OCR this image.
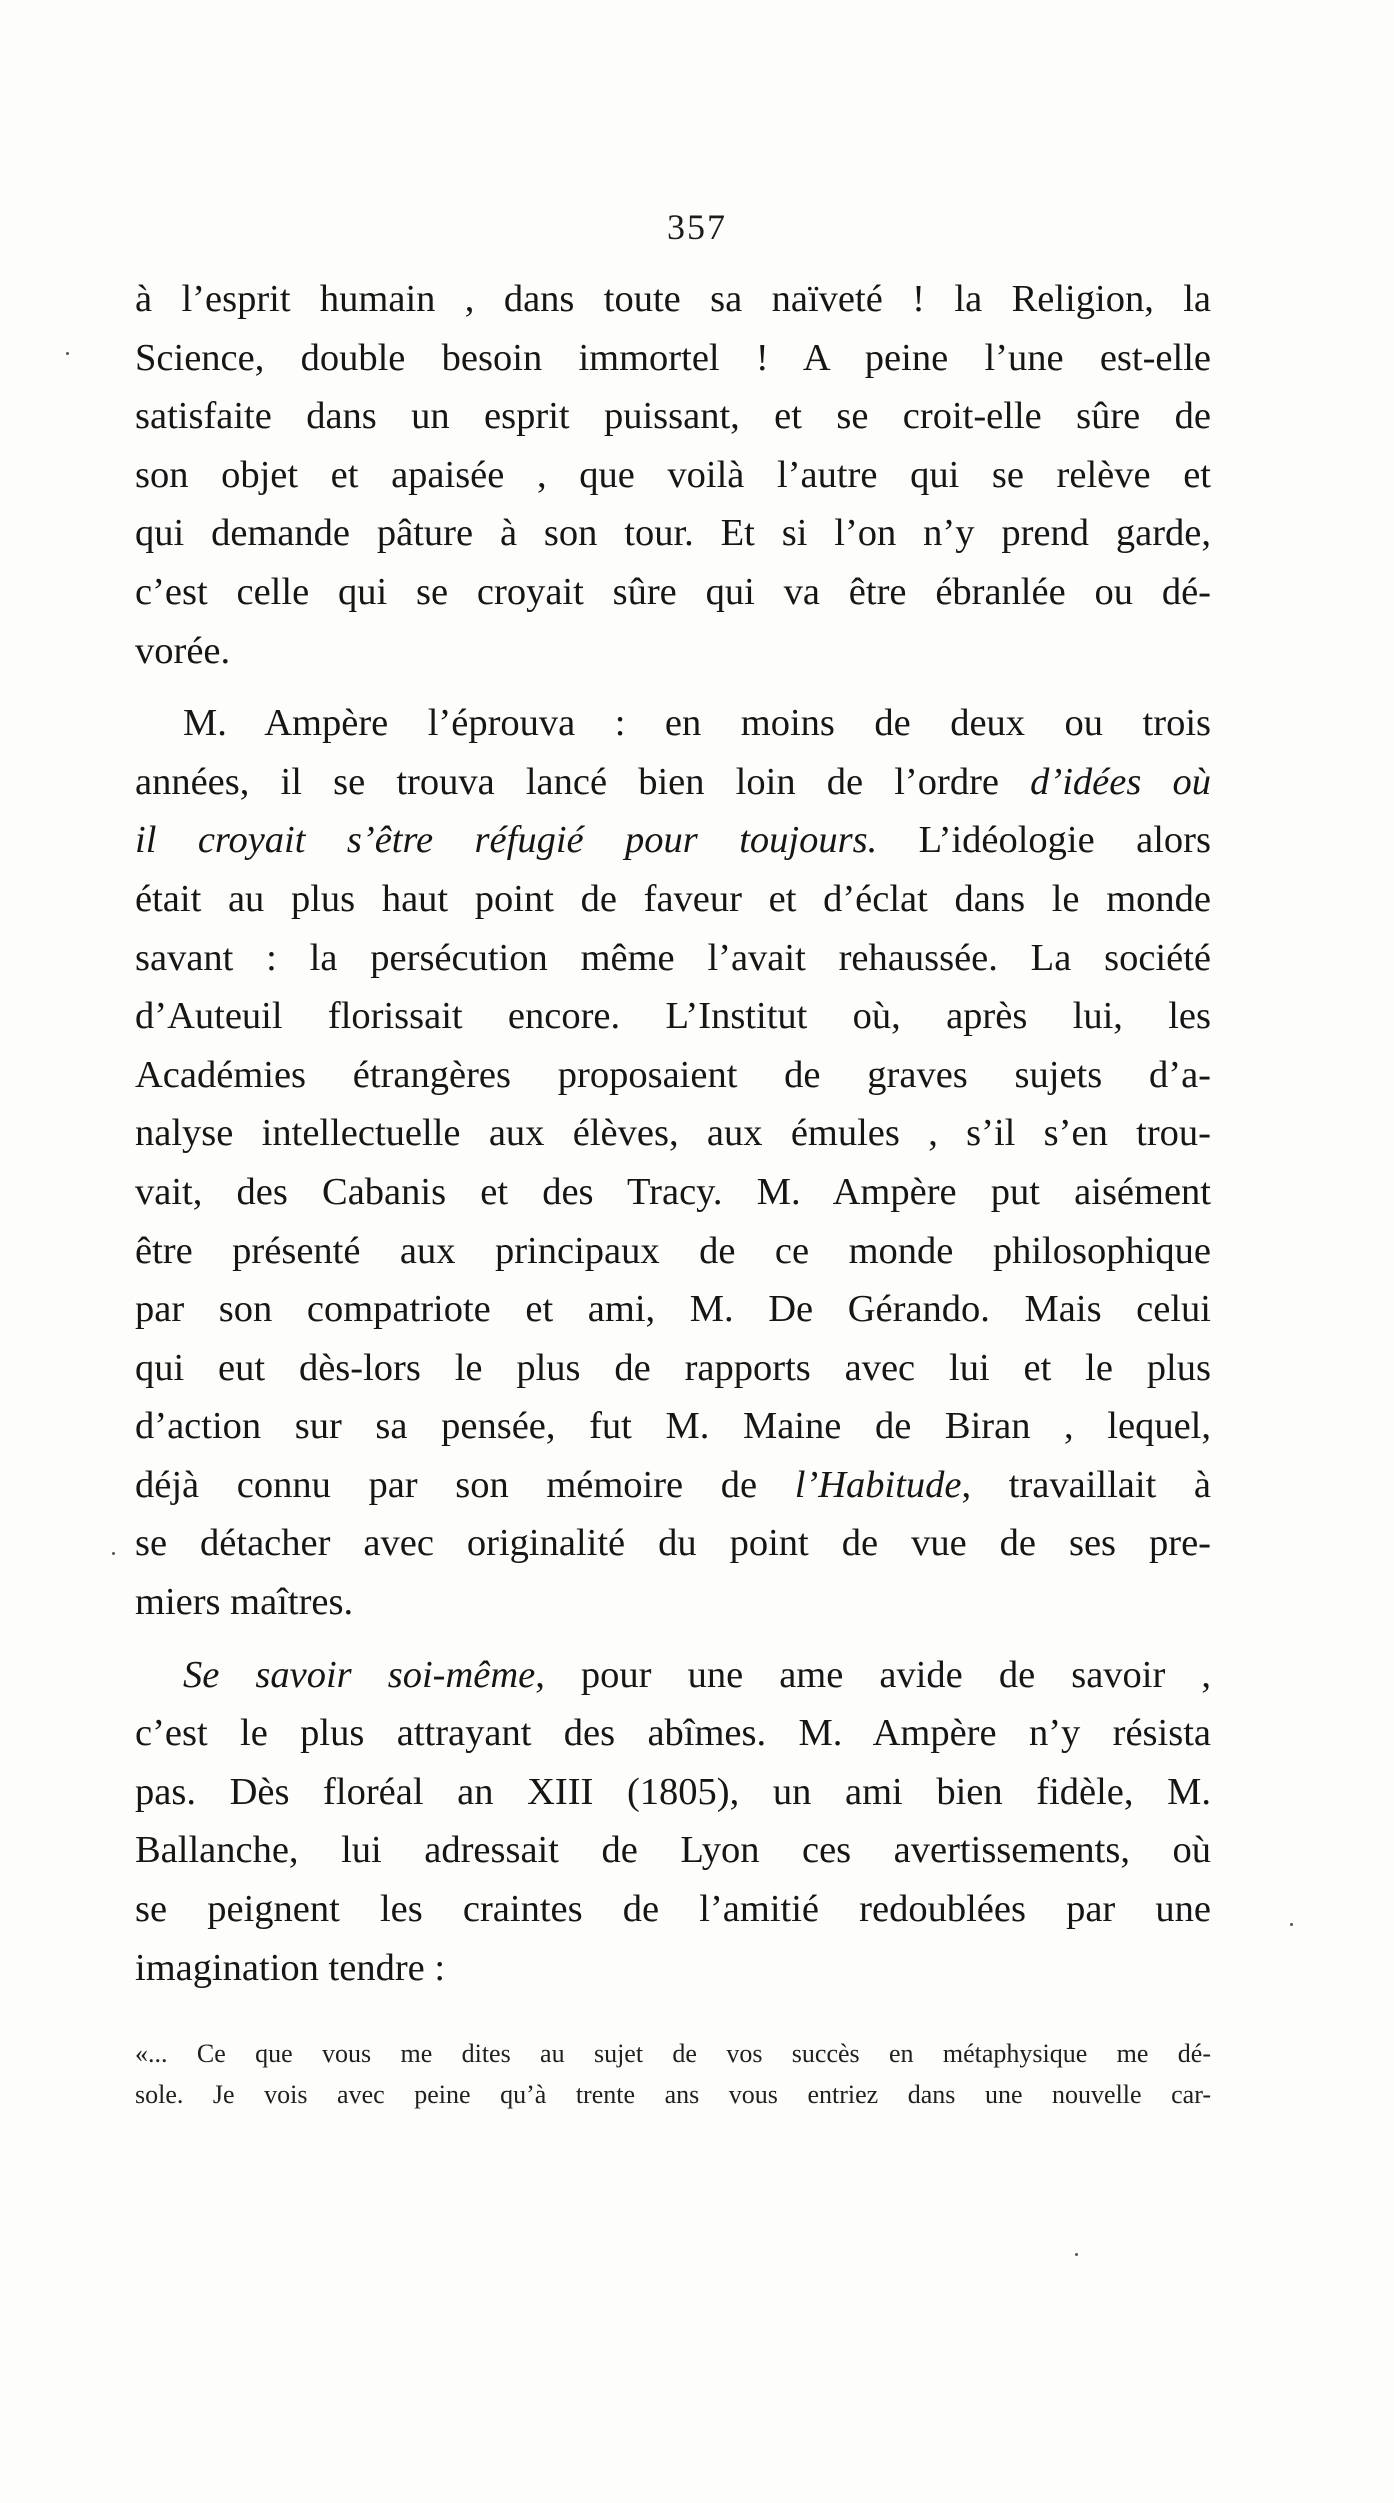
357

à l’esprit humain , dans toute sa naïveté ! la Religion, la
Science, double besoin immortel ! A peine l’une est-elle
satisfaite dans un esprit puissant, et se croit-elle sûre de
son objet et apaisée , que voilà l’autre qui se relève et
qui demande pâture à son tour. Et si l’on n’y prend garde,
c’est celle qui se croyait sûre qui va être ébranlée ou dé-
vorée.

M. Ampère l’éprouva : en moins de deux ou trois
années, il se trouva lancé bien loin de l’ordre d’idées où
il croyait s’être réfugié pour toujours. L’idéologie alors
était au plus haut point de faveur et d’éclat dans le monde
savant : la persécution même l’avait rehaussée. La société
d’Auteuil florissait encore. L’Institut où, après lui, les
Académies étrangères proposaient de graves sujets d’a-
nalyse intellectuelle aux élèves, aux émules , s’il s’en trou-
vait, des Cabanis et des Tracy. M. Ampère put aisément
être présenté aux principaux de ce monde philosophique
par son compatriote et ami, M. De Gérando. Mais celui
qui eut dès-lors le plus de rapports avec lui et le plus
d’action sur sa pensée, fut M. Maine de Biran , lequel,
déjà connu par son mémoire de l’Habitude, travaillait à
se détacher avec originalité du point de vue de ses pre-
miers maîtres.

Se savoir soi-même, pour une ame avide de savoir ,
c’est le plus attrayant des abîmes. M. Ampère n’y résista
pas. Dès floréal an XIII (1805), un ami bien fidèle, M.
Ballanche, lui adressait de Lyon ces avertissements, où
se peignent les craintes de l’amitié redoublées par une
imagination tendre :

«... Ce que vous me dites au sujet de vos succès en métaphysique me dé-
sole. Je vois avec peine qu’à trente ans vous entriez dans une nouvelle car-
